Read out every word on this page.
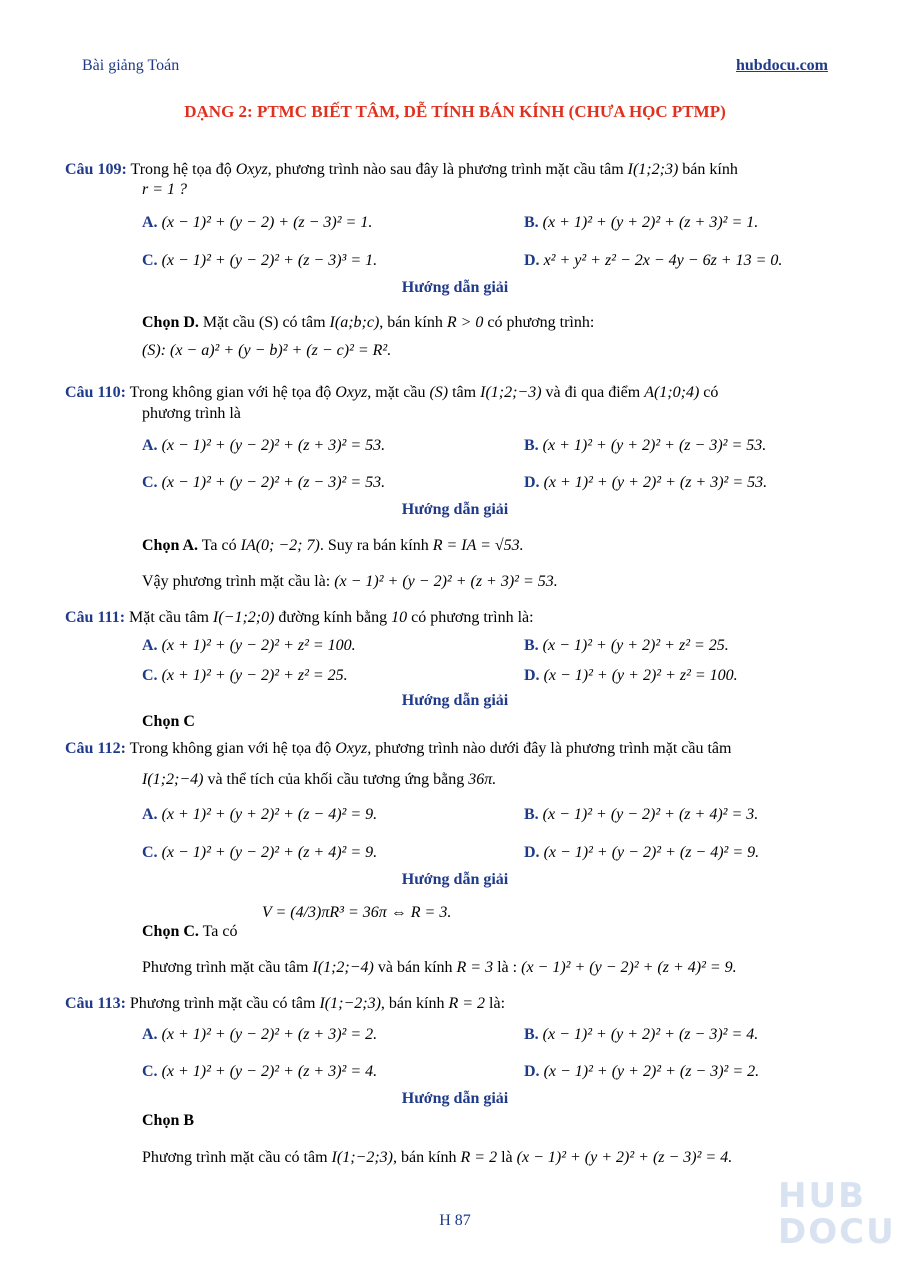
Bài giảng Toán	hubdocu.com
DẠNG 2: PTMC BIẾT TÂM, DỄ TÍNH BÁN KÍNH (CHƯA HỌC PTMP)
Câu 109: Trong hệ tọa độ Oxyz, phương trình nào sau đây là phương trình mặt cầu tâm I(1;2;3) bán kính
r = 1 ?
A. (x − 1)² + (y − 2) + (z − 3)² = 1.	B. (x + 1)² + (y + 2)² + (z + 3)² = 1.
C. (x − 1)² + (y − 2)² + (z − 3)³ = 1.	D. x² + y² + z² − 2x − 4y − 6z + 13 = 0.
Hướng dẫn giải
Chọn D. Mặt cầu (S) có tâm I(a;b;c), bán kính R > 0 có phương trình:
(S): (x − a)² + (y − b)² + (z − c)² = R².
Câu 110: Trong không gian với hệ tọa độ Oxyz, mặt cầu (S) tâm I(1;2;−3) và đi qua điểm A(1;0;4) có
phương trình là
A. (x − 1)² + (y − 2)² + (z + 3)² = 53.	B. (x + 1)² + (y + 2)² + (z − 3)² = 53.
C. (x − 1)² + (y − 2)² + (z − 3)² = 53.	D. (x + 1)² + (y + 2)² + (z + 3)² = 53.
Hướng dẫn giải
Chọn A. Ta có IA(0; −2; 7). Suy ra bán kính R = IA = √53.
Vậy phương trình mặt cầu là: (x − 1)² + (y − 2)² + (z + 3)² = 53.
Câu 111: Mặt cầu tâm I(−1;2;0) đường kính bằng 10 có phương trình là:
A. (x + 1)² + (y − 2)² + z² = 100.	B. (x − 1)² + (y + 2)² + z² = 25.
C. (x + 1)² + (y − 2)² + z² = 25.	D. (x − 1)² + (y + 2)² + z² = 100.
Hướng dẫn giải
Chọn C
Câu 112: Trong không gian với hệ tọa độ Oxyz, phương trình nào dưới đây là phương trình mặt cầu tâm
I(1;2;−4) và thể tích của khối cầu tương ứng bằng 36π.
A. (x + 1)² + (y + 2)² + (z − 4)² = 9.	B. (x − 1)² + (y − 2)² + (z + 4)² = 3.
C. (x − 1)² + (y − 2)² + (z + 4)² = 9.	D. (x − 1)² + (y − 2)² + (z − 4)² = 9.
Hướng dẫn giải
V = (4/3)πR³ = 36π ⇔ R = 3.
Chọn C. Ta có
Phương trình mặt cầu tâm I(1;2;−4) và bán kính R = 3 là : (x − 1)² + (y − 2)² + (z + 4)² = 9.
Câu 113: Phương trình mặt cầu có tâm I(1;−2;3), bán kính R = 2 là:
A. (x + 1)² + (y − 2)² + (z + 3)² = 2.	B. (x − 1)² + (y + 2)² + (z − 3)² = 4.
C. (x + 1)² + (y − 2)² + (z + 3)² = 4.	D. (x − 1)² + (y + 2)² + (z − 3)² = 2.
Hướng dẫn giải
Chọn B
Phương trình mặt cầu có tâm I(1;−2;3), bán kính R = 2 là (x − 1)² + (y + 2)² + (z − 3)² = 4.
H 87
HUB
DOCU
